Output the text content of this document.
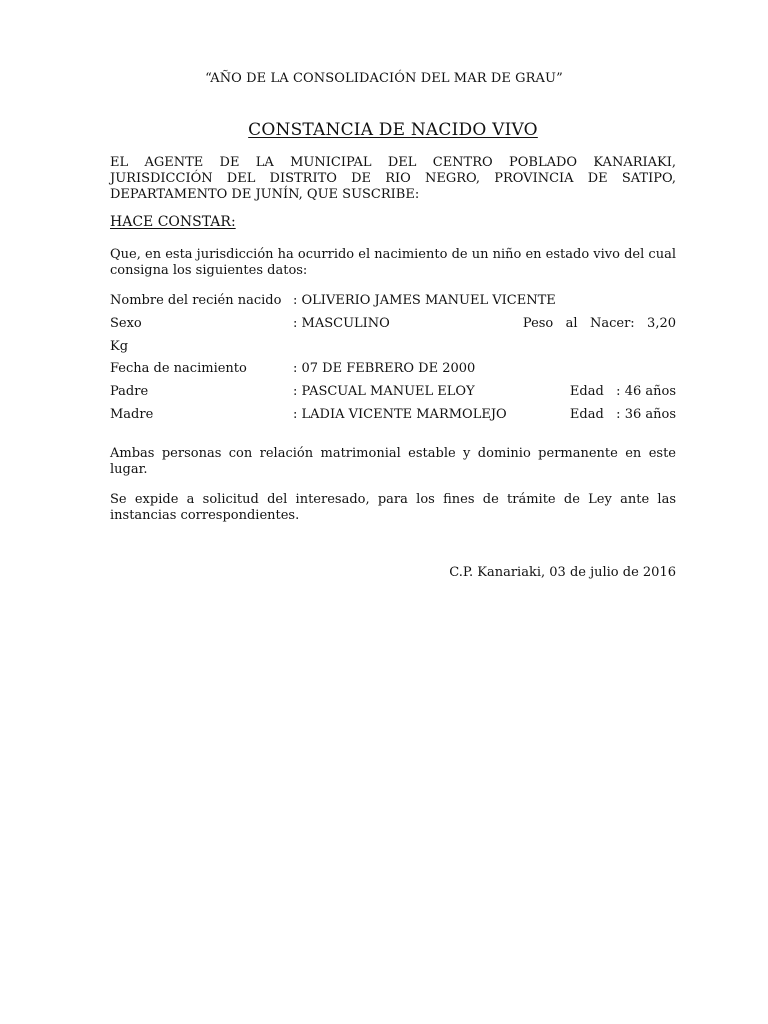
“AÑO DE LA CONSOLIDACIÓN DEL MAR DE GRAU”
CONSTANCIA DE NACIDO VIVO
EL AGENTE DE LA MUNICIPAL DEL CENTRO POBLADO KANARIAKI, JURISDICCIÓN DEL DISTRITO DE RIO NEGRO, PROVINCIA DE SATIPO, DEPARTAMENTO DE JUNÍN, QUE SUSCRIBE:
HACE CONSTAR:
Que, en esta jurisdicción ha ocurrido el nacimiento de un niño en estado vivo del cual consigna los siguientes datos:
Nombre del recién nacido : OLIVERIO JAMES MANUEL VICENTE
Sexo	: MASCULINO	Peso   al   Nacer:   3,20
Kg
Fecha de nacimiento	: 07 DE FEBRERO DE 2000
Padre	: PASCUAL MANUEL ELOY	Edad   : 46 años
Madre	: LADIA VICENTE MARMOLEJO	Edad   : 36 años
Ambas personas con relación matrimonial estable y dominio permanente en este lugar.
Se expide a solicitud del interesado, para los fines de trámite de Ley ante las instancias correspondientes.
C.P. Kanariaki, 03 de julio de 2016
